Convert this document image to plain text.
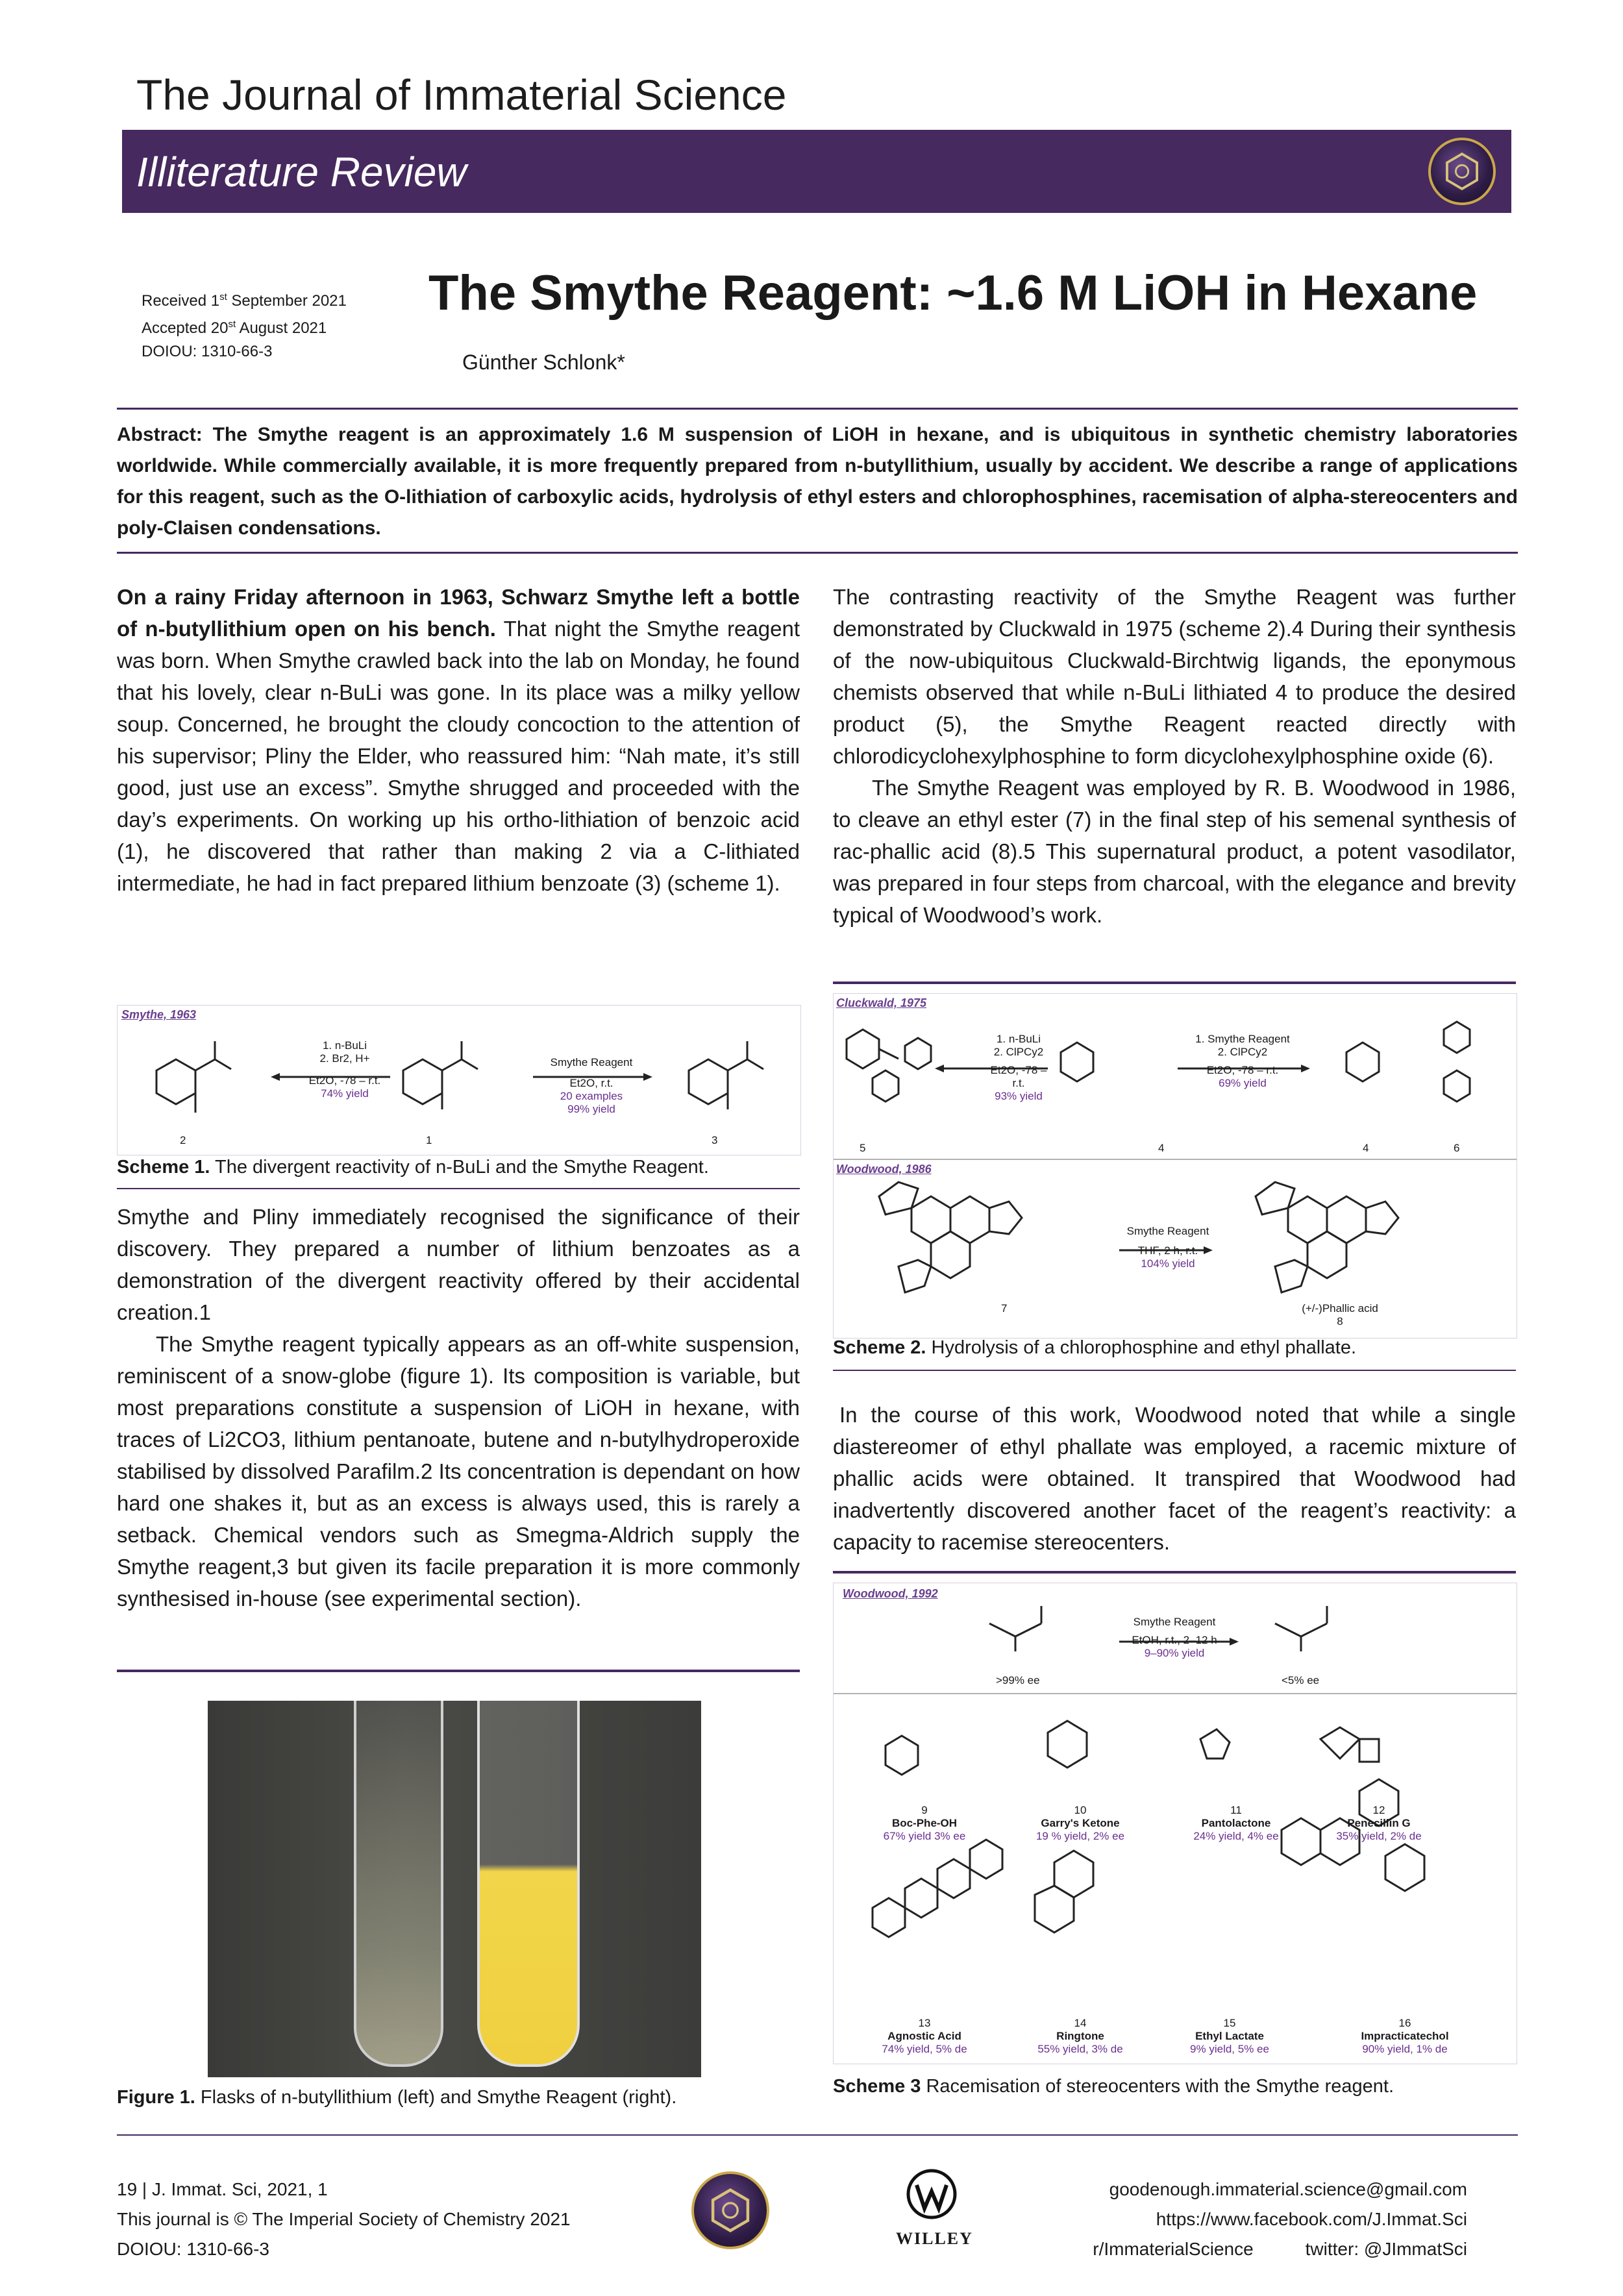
The Journal of Immaterial Science
Illiterature Review
Received 1st September 2021
Accepted 20st August 2021
DOIOU: 1310-66-3
The Smythe Reagent: ~1.6 M LiOH in Hexane
Günther Schlonk*
Abstract: The Smythe reagent is an approximately 1.6 M suspension of LiOH in hexane, and is ubiquitous in synthetic chemistry laboratories worldwide. While commercially available, it is more frequently prepared from n-butyllithium, usually by accident. We describe a range of applications for this reagent, such as the O-lithiation of carboxylic acids, hydrolysis of ethyl esters and chlorophosphines, racemisation of alpha-stereocenters and poly-Claisen condensations.

On a rainy Friday afternoon in 1963, Schwarz Smythe left a bottle of n-butyllithium open on his bench. That night the Smythe reagent was born. When Smythe crawled back into the lab on Monday, he found that his lovely, clear n-BuLi was gone. In its place was a milky yellow soup. Concerned, he brought the cloudy concoction to the attention of his supervisor; Pliny the Elder, who reassured him: “Nah mate, it’s still good, just use an excess”. Smythe shrugged and proceeded with the day’s experiments. On working up his ortho-lithiation of benzoic acid (1), he discovered that rather than making 2 via a C-lithiated intermediate, he had in fact prepared lithium benzoate (3) (scheme 1).

Smythe, 1963
1. n-BuLi
2. Br2, H+
Et2O, -78 – r.t.
74% yield
Smythe Reagent
Et2O, r.t.
20 examples
99% yield
2	1	3
Scheme 1. The divergent reactivity of n-BuLi and the Smythe Reagent.

Smythe and Pliny immediately recognised the significance of their discovery. They prepared a number of lithium benzoates as a demonstration of the divergent reactivity offered by their accidental creation.1

The Smythe reagent typically appears as an off-white suspension, reminiscent of a snow-globe (figure 1). Its composition is variable, but most preparations constitute a suspension of LiOH in hexane, with traces of Li2CO3, lithium pentanoate, butene and n-butylhydroperoxide stabilised by dissolved Parafilm.2 Its concentration is dependant on how hard one shakes it, but as an excess is always used, this is rarely a setback. Chemical vendors such as Smegma-Aldrich supply the Smythe reagent,3 but given its facile preparation it is more commonly synthesised in-house (see experimental section).

Figure 1. Flasks of n-butyllithium (left) and Smythe Reagent (right).

The contrasting reactivity of the Smythe Reagent was further demonstrated by Cluckwald in 1975 (scheme 2).4 During their synthesis of the now-ubiquitous Cluckwald-Birchtwig ligands, the eponymous chemists observed that while n-BuLi lithiated 4 to produce the desired product (5), the Smythe Reagent reacted directly with chlorodicyclohexylphosphine to form dicyclohexylphosphine oxide (6).

The Smythe Reagent was employed by R. B. Woodwood in 1986, to cleave an ethyl ester (7) in the final step of his semenal synthesis of rac-phallic acid (8).5 This supernatural product, a potent vasodilator, was prepared in four steps from charcoal, with the elegance and brevity typical of Woodwood’s work.

Cluckwald, 1975
1. n-BuLi
2. ClPCy2
Et2O, -78 – r.t.
93% yield
1. Smythe Reagent
2. ClPCy2
Et2O, -78 – r.t.
69% yield
5	4	4	6
Woodwood, 1986
Smythe Reagent
THF, 2 h, r.t.
104% yield
7	(+/-)Phallic acid
8
Scheme 2. Hydrolysis of a chlorophosphine and ethyl phallate.

In the course of this work, Woodwood noted that while a single diastereomer of ethyl phallate was employed, a racemic mixture of phallic acids were obtained. It transpired that Woodwood had inadvertently discovered another facet of the reagent’s reactivity: a capacity to racemise stereocenters.

Woodwood, 1992
Smythe Reagent
EtOH, r.t., 2–12 h
9–90% yield
>99% ee	<5% ee
9
Boc-Phe-OH
67% yield 3% ee
10
Garry's Ketone
19 % yield, 2% ee
11
Pantolactone
24% yield, 4% ee
12
Penecillin G
35% yield, 2% de
13
Agnostic Acid
74% yield, 5% de
14
Ringtone
55% yield, 3% de
15
Ethyl Lactate
9% yield, 5% ee
16
Impracticatechol
90% yield, 1% de
Scheme 3 Racemisation of stereocenters with the Smythe reagent.
19 | J. Immat. Sci, 2021, 1
This journal is © The Imperial Society of Chemistry 2021
DOIOU: 1310-66-3
WILLEY
goodenough.immaterial.science@gmail.com
https://www.facebook.com/J.Immat.Sci
r/ImmaterialScience	twitter: @JImmatSci
